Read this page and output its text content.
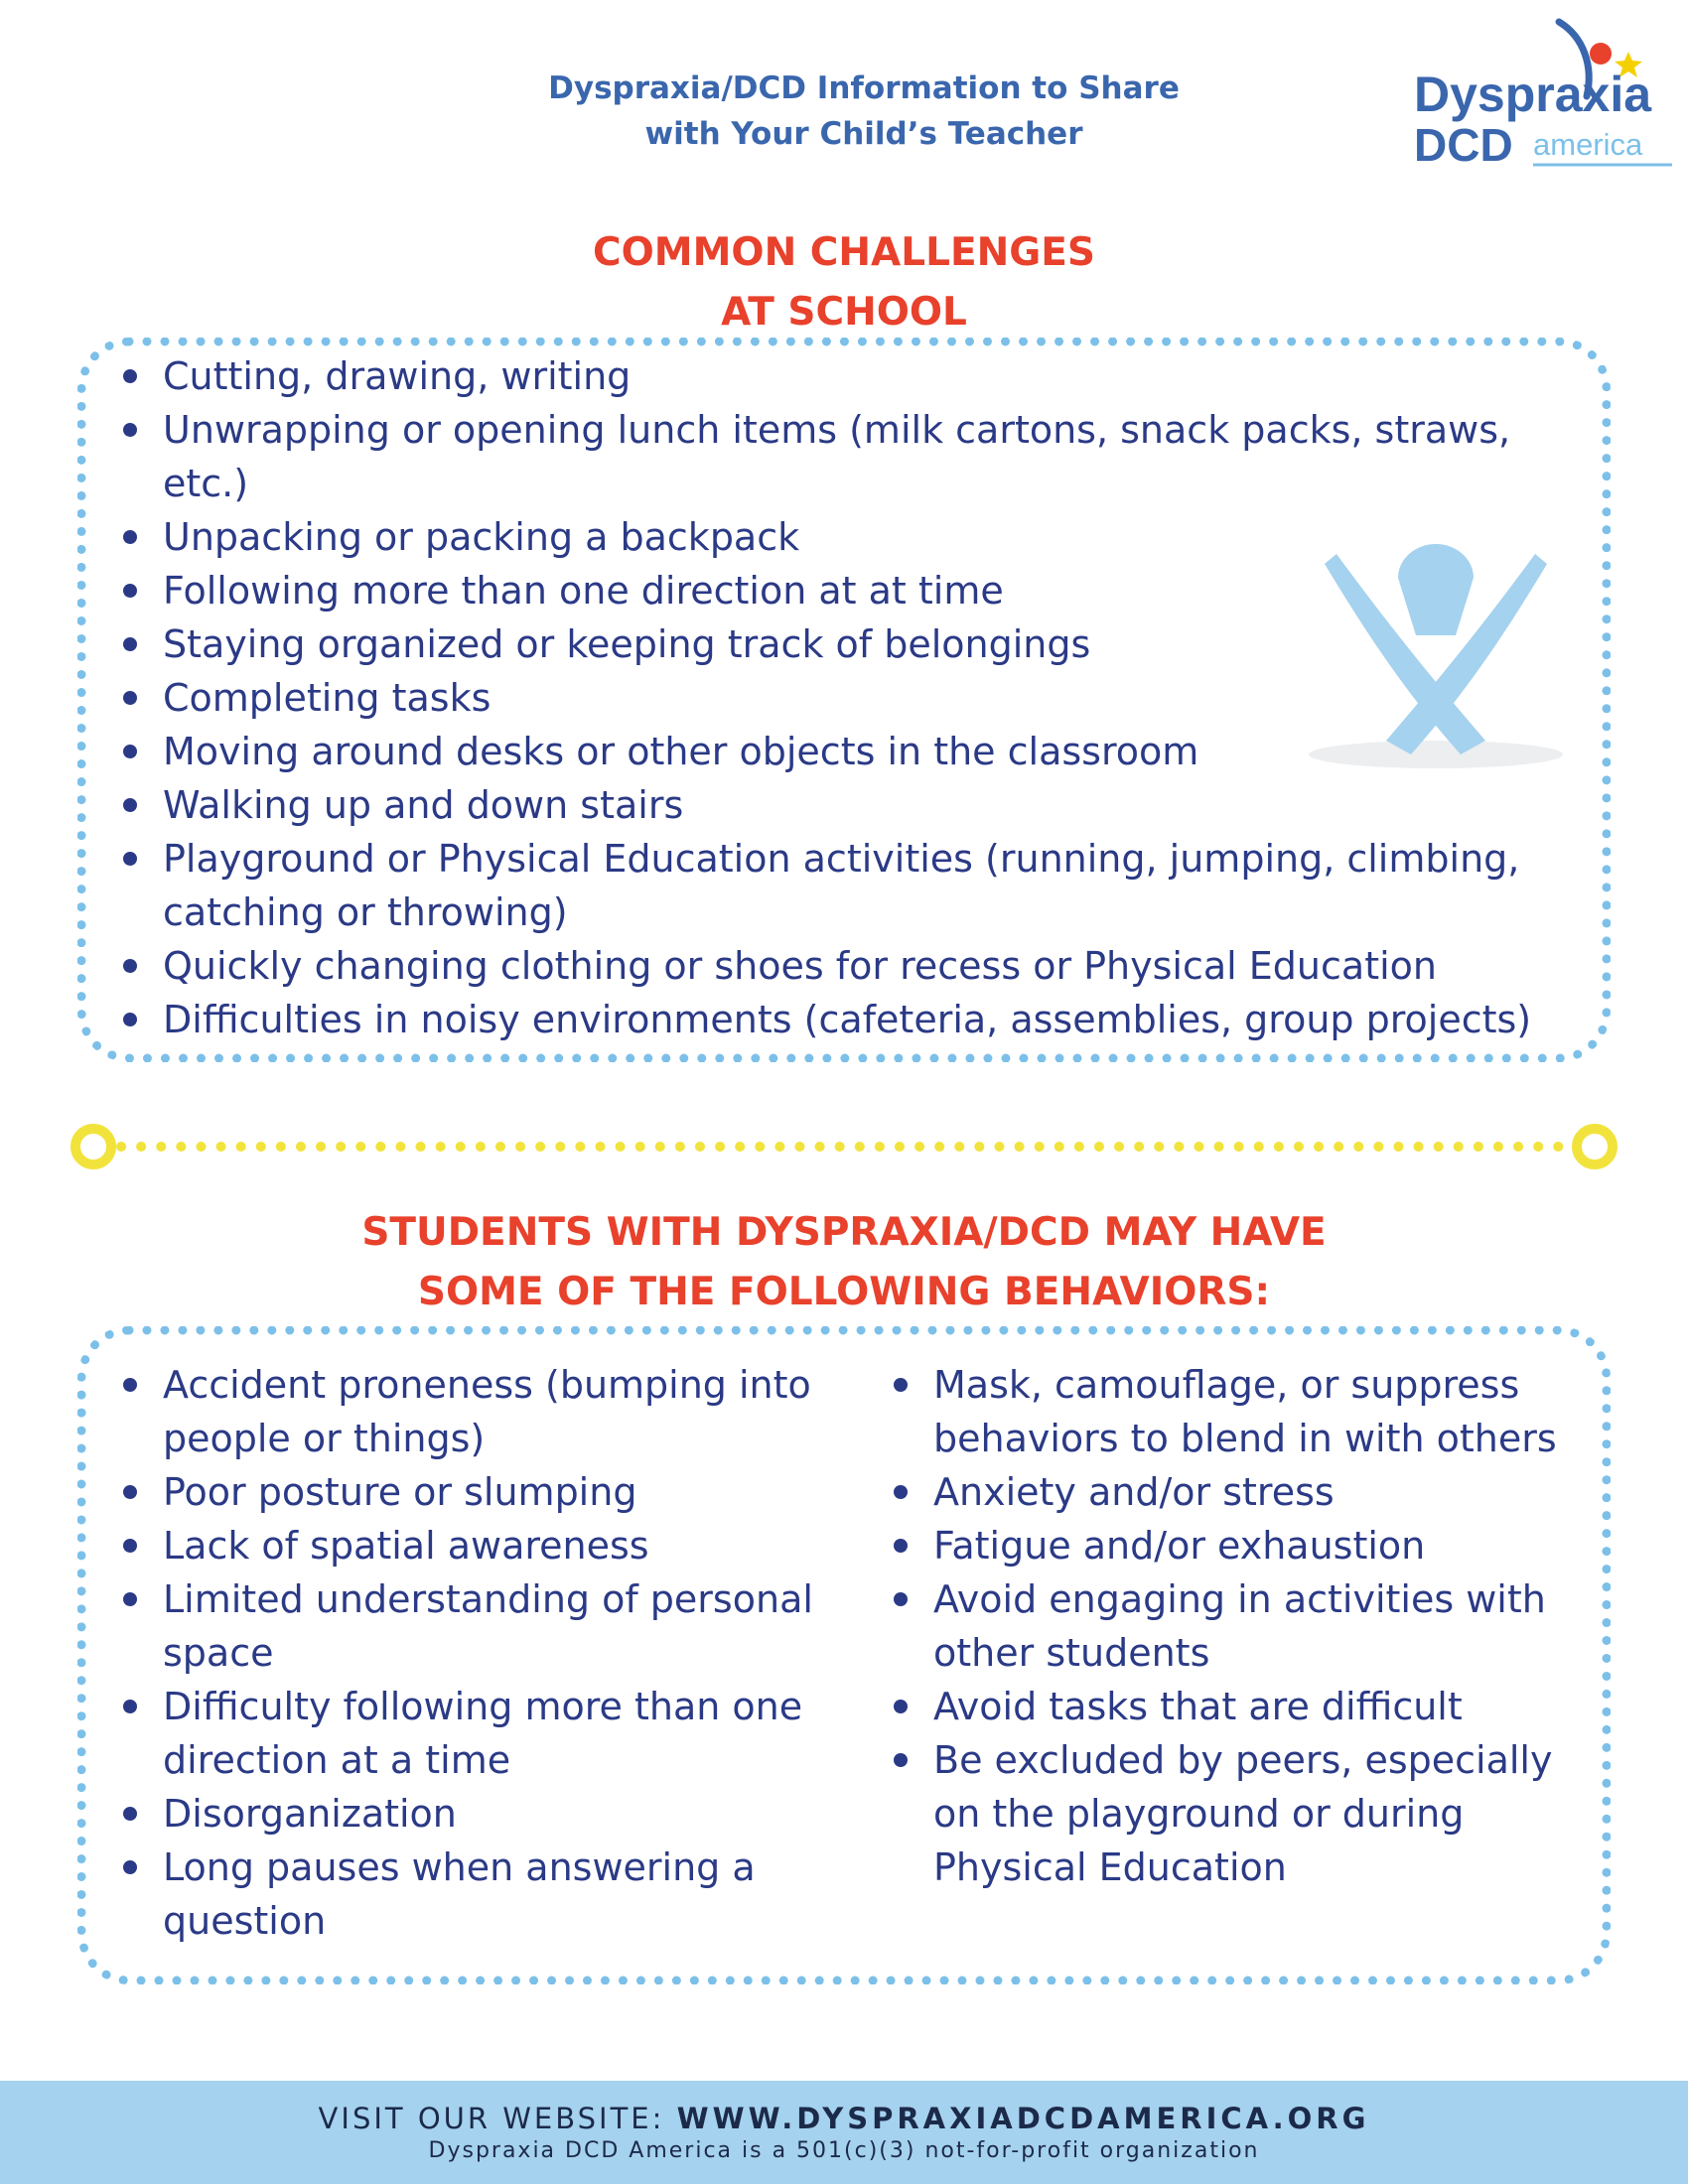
Dyspraxia/DCD Information to Share
with Your Child’s Teacher
Dyspraxia
DCD america
COMMON CHALLENGES
AT SCHOOL
Cutting, drawing, writing
Unwrapping or opening lunch items (milk cartons, snack packs, straws, etc.)
Unpacking or packing a backpack
Following more than one direction at at time
Staying organized or keeping track of belongings
Completing tasks
Moving around desks or other objects in the classroom
Walking up and down stairs
Playground or Physical Education activities (running, jumping, climbing, catching or throwing)
Quickly changing clothing or shoes for recess or Physical Education
Difficulties in noisy environments (cafeteria, assemblies, group projects)
STUDENTS WITH DYSPRAXIA/DCD MAY HAVE
SOME OF THE FOLLOWING BEHAVIORS:
Accident proneness (bumping into people or things)
Poor posture or slumping
Lack of spatial awareness
Limited understanding of personal space
Difficulty following more than one direction at a time
Disorganization
Long pauses when answering a question
Mask, camouflage, or suppress behaviors to blend in with others
Anxiety and/or stress
Fatigue and/or exhaustion
Avoid engaging in activities with other students
Avoid tasks that are difficult
Be excluded by peers, especially on the playground or during Physical Education
VISIT OUR WEBSITE: WWW.DYSPRAXIADCDAMERICA.ORG
Dyspraxia DCD America is a 501(c)(3) not-for-profit organization
